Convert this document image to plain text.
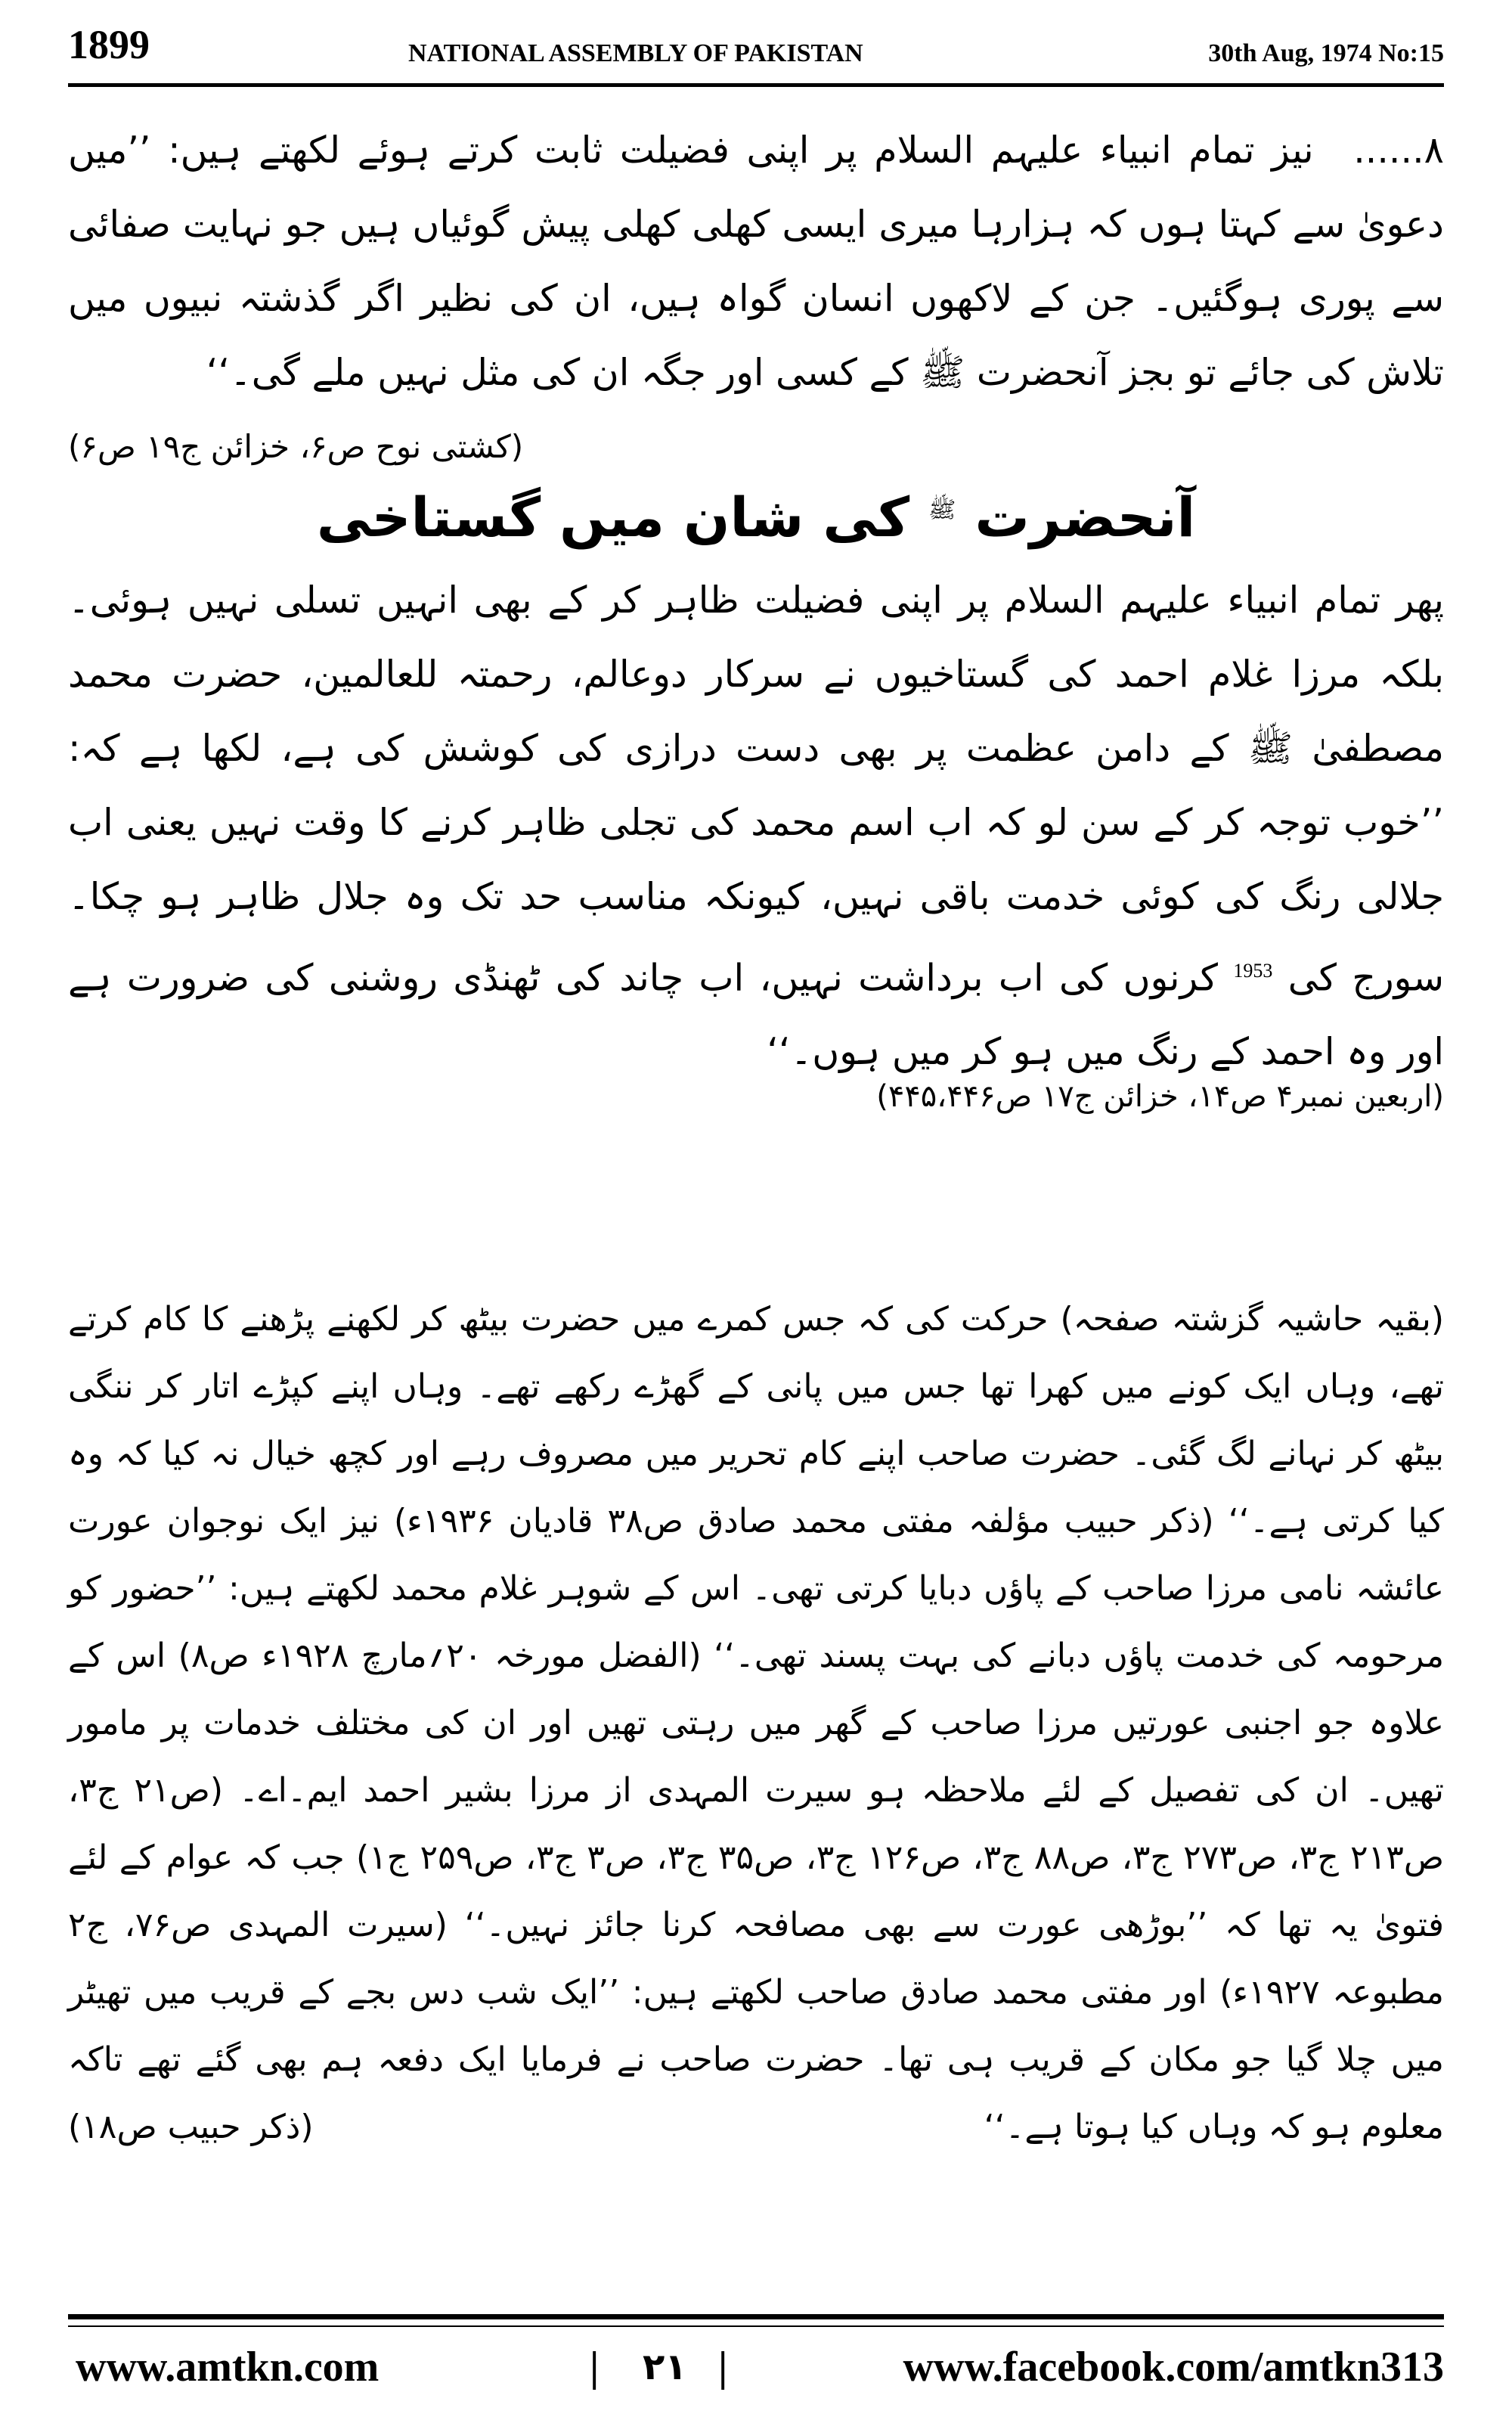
1899	NATIONAL ASSEMBLY OF PAKISTAN	30th Aug, 1974 No:15
۸...... نیز تمام انبیاء علیہم السلام پر اپنی فضیلت ثابت کرتے ہوئے لکھتے ہیں: ’’میں دعویٰ سے کہتا ہوں کہ ہزارہا میری ایسی کھلی کھلی پیش گوئیاں ہیں جو نہایت صفائی سے پوری ہوگئیں۔ جن کے لاکھوں انسان گواہ ہیں، ان کی نظیر اگر گذشتہ نبیوں میں تلاش کی جائے تو بجز آنحضرت ﷺ کے کسی اور جگہ ان کی مثل نہیں ملے گی۔‘‘
(کشتی نوح ص۶، خزائن ج۱۹ ص۶)
آنحضرت $^ﷺ$ کی شان میں گستاخی
پھر تمام انبیاء علیہم السلام پر اپنی فضیلت ظاہر کر کے بھی انہیں تسلی نہیں ہوئی۔ بلکہ مرزا غلام احمد کی گستاخیوں نے سرکار دوعالم، رحمتہ للعالمین، حضرت محمد مصطفیٰ ﷺ کے دامن عظمت پر بھی دست درازی کی کوشش کی ہے، لکھا ہے کہ: ’’خوب توجہ کر کے سن لو کہ اب اسم محمد کی تجلی ظاہر کرنے کا وقت نہیں یعنی اب جلالی رنگ کی کوئی خدمت باقی نہیں، کیونکہ مناسب حد تک وہ جلال ظاہر ہو چکا۔ سورج کی $^{1953}$ کرنوں کی اب برداشت نہیں، اب چاند کی ٹھنڈی روشنی کی ضرورت ہے اور وہ احمد کے رنگ میں ہو کر میں ہوں۔‘‘
(اربعین نمبر۴ ص۱۴، خزائن ج۱۷ ص۴۴۵،۴۴۶)
(بقیہ حاشیہ گزشتہ صفحہ) حرکت کی کہ جس کمرے میں حضرت بیٹھ کر لکھنے پڑھنے کا کام کرتے تھے، وہاں ایک کونے میں کھرا تھا جس میں پانی کے گھڑے رکھے تھے۔ وہاں اپنے کپڑے اتار کر ننگی بیٹھ کر نہانے لگ گئی۔ حضرت صاحب اپنے کام تحریر میں مصروف رہے اور کچھ خیال نہ کیا کہ وہ کیا کرتی ہے۔‘‘ (ذکر حبیب مؤلفہ مفتی محمد صادق ص۳۸ قادیان ۱۹۳۶ء) نیز ایک نوجوان عورت عائشہ نامی مرزا صاحب کے پاؤں دبایا کرتی تھی۔ اس کے شوہر غلام محمد لکھتے ہیں: ’’حضور کو مرحومہ کی خدمت پاؤں دبانے کی بہت پسند تھی۔‘‘ (الفضل مورخہ ۲۰؍مارچ ۱۹۲۸ء ص۸) اس کے علاوہ جو اجنبی عورتیں مرزا صاحب کے گھر میں رہتی تھیں اور ان کی مختلف خدمات پر مامور تھیں۔ ان کی تفصیل کے لئے ملاحظہ ہو سیرت المہدی از مرزا بشیر احمد ایم۔اے۔ (ص۲۱ ج۳، ص۲۱۳ ج۳، ص۲۷۳ ج۳، ص۸۸ ج۳، ص۱۲۶ ج۳، ص۳۵ ج۳، ص۳ ج۳، ص۲۵۹ ج۱) جب کہ عوام کے لئے فتویٰ یہ تھا کہ ’’بوڑھی عورت سے بھی مصافحہ کرنا جائز نہیں۔‘‘ (سیرت المہدی ص۷۶، ج۲ مطبوعہ ۱۹۲۷ء) اور مفتی محمد صادق صاحب لکھتے ہیں: ’’ایک شب دس بجے کے قریب میں تھیٹر میں چلا گیا جو مکان کے قریب ہی تھا۔ حضرت صاحب نے فرمایا ایک دفعہ ہم بھی گئے تھے تاکہ معلوم ہو کہ وہاں کیا ہوتا ہے۔‘‘
(ذکر حبیب ص۱۸)
www.amtkn.com	| ۲۱ |	www.facebook.com/amtkn313
